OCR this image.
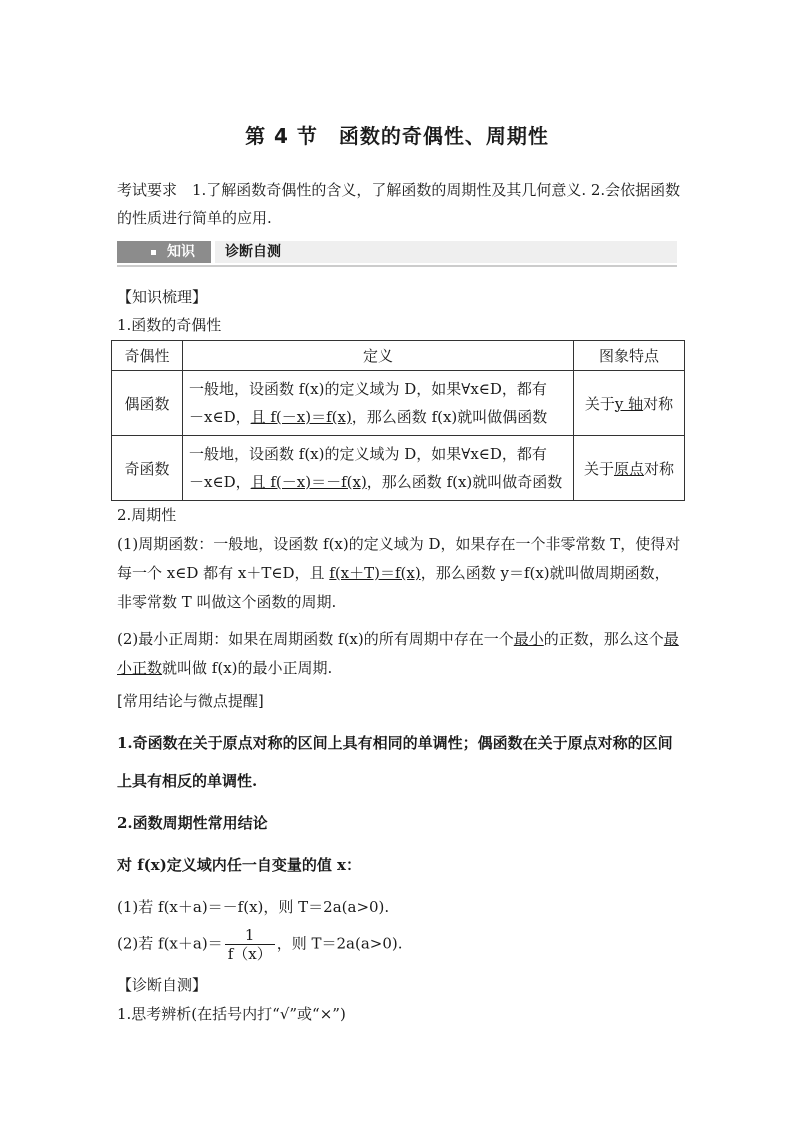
第 4 节　函数的奇偶性、周期性
考试要求　1.了解函数奇偶性的含义，了解函数的周期性及其几何意义. 2.会依据函数的性质进行简单的应用.
知识	诊断自测
【知识梳理】
1.函数的奇偶性
奇偶性	定义	图象特点
偶函数	一般地，设函数 f(x)的定义域为 D，如果∀x∈D，都有
－x∈D，且 f(－x)＝f(x)，那么函数 f(x)就叫做偶函数	关于y 轴对称
奇函数	一般地，设函数 f(x)的定义域为 D，如果∀x∈D，都有
－x∈D，且 f(－x)＝－f(x)，那么函数 f(x)就叫做奇函数	关于原点对称
2.周期性
(1)周期函数：一般地，设函数 f(x)的定义域为 D，如果存在一个非零常数 T，使得对每一个 x∈D 都有 x＋T∈D，且 f(x＋T)＝f(x)，那么函数 y＝f(x)就叫做周期函数，非零常数 T 叫做这个函数的周期.
(2)最小正周期：如果在周期函数 f(x)的所有周期中存在一个最小的正数，那么这个最小正数就叫做 f(x)的最小正周期.
[常用结论与微点提醒]
1.奇函数在关于原点对称的区间上具有相同的单调性；偶函数在关于原点对称的区间上具有相反的单调性.
2.函数周期性常用结论
对 f(x)定义域内任一自变量的值 x：
(1)若 f(x＋a)＝－f(x)，则 T＝2a(a>0).
(2)若 $f(x+a)= \frac{1}{f(x)}$ ，则 T＝2a(a>0).
【诊断自测】
1.思考辨析(在括号内打“√”或“×”)
